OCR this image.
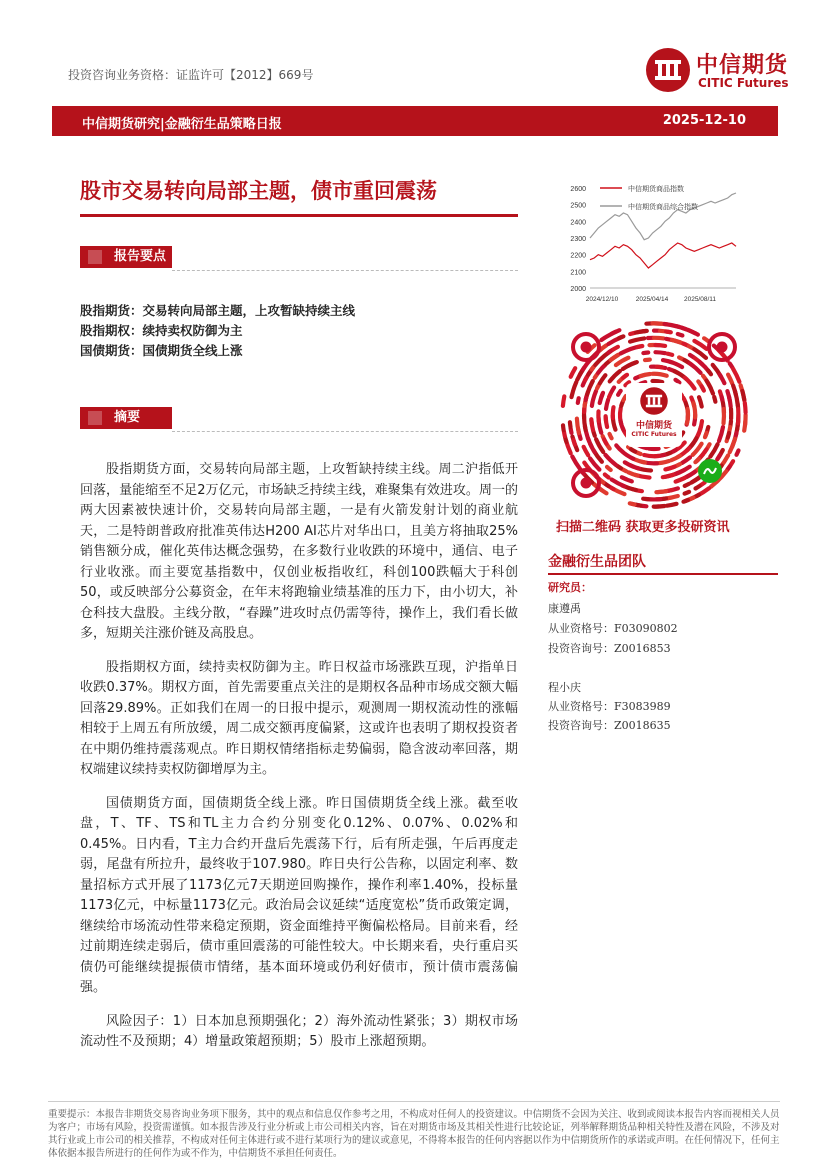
投资咨询业务资格：证监许可【2012】669号	中信期货
CITIC Futures
中信期货研究|金融衍生品策略日报	2025-12-10
股市交易转向局部主题，债市重回震荡
报告要点
股指期货：交易转向局部主题，上攻暂缺持续主线
股指期权：续持卖权防御为主
国债期货：国债期货全线上涨
摘要

股指期货方面，交易转向局部主题，上攻暂缺持续主线。周二沪指低开回落，量能缩至不足2万亿元，市场缺乏持续主线，难聚集有效进攻。周一的两大因素被快速计价，交易转向局部主题，一是有火箭发射计划的商业航天，二是特朗普政府批准英伟达H200 AI芯片对华出口，且美方将抽取25%销售额分成，催化英伟达概念强势，在多数行业收跌的环境中，通信、电子行业收涨。而主要宽基指数中，仅创业板指收红，科创100跌幅大于科创50，或反映部分公募资金，在年末将跑输业绩基准的压力下，由小切大，补仓科技大盘股。主线分散，“春躁”进攻时点仍需等待，操作上，我们看长做多，短期关注涨价链及高股息。

股指期权方面，续持卖权防御为主。昨日权益市场涨跌互现，沪指单日收跌0.37%。期权方面，首先需要重点关注的是期权各品种市场成交额大幅回落29.89%。正如我们在周一的日报中提示，观测周一期权流动性的涨幅相较于上周五有所放缓，周二成交额再度偏紧，这或许也表明了期权投资者在中期仍维持震荡观点。昨日期权情绪指标走势偏弱，隐含波动率回落，期权端建议续持卖权防御增厚为主。

国债期货方面，国债期货全线上涨。昨日国债期货全线上涨。截至收盘，T、TF、TS和TL主力合约分别变化0.12%、0.07%、0.02%和0.45%。日内看，T主力合约开盘后先震荡下行，后有所走强，午后再度走弱，尾盘有所拉升，最终收于107.980。昨日央行公告称，以固定利率、数量招标方式开展了1173亿元7天期逆回购操作，操作利率1.40%，投标量1173亿元，中标量1173亿元。政治局会议延续“适度宽松”货币政策定调，继续给市场流动性带来稳定预期，资金面维持平衡偏松格局。目前来看，经过前期连续走弱后，债市重回震荡的可能性较大。中长期来看，央行重启买债仍可能继续提振债市情绪，基本面环境或仍利好债市，预计债市震荡偏强。

风险因子：1）日本加息预期强化；2）海外流动性紧张；3）期权市场流动性不及预期；4）增量政策超预期；5）股市上涨超预期。

2600
2500
2400
2300
2200
2100
2000
2024/12/10	2025/04/14 2025/08/11
中信期货商品指数
中信期货商品综合指数
中信期货
CITIC Futures
扫描二维码 获取更多投研资讯
金融衍生品团队
研究员：
康遵禹
从业资格号：F03090802
投资咨询号：Z0016853
程小庆
从业资格号：F3083989
投资咨询号：Z0018635
重要提示：本报告非期货交易咨询业务项下服务，其中的观点和信息仅作参考之用，不构成对任何人的投资建议。中信期货不会因为关注、收到或阅读本报告内容而视相关人员为客户；市场有风险，投资需谨慎。如本报告涉及行业分析或上市公司相关内容，旨在对期货市场及其相关性进行比较论证，列举解释期货品种相关特性及潜在风险，不涉及对其行业或上市公司的相关推荐，不构成对任何主体进行或不进行某项行为的建议或意见，不得将本报告的任何内容据以作为中信期货所作的承诺或声明。在任何情况下，任何主体依据本报告所进行的任何作为或不作为，中信期货不承担任何责任。
